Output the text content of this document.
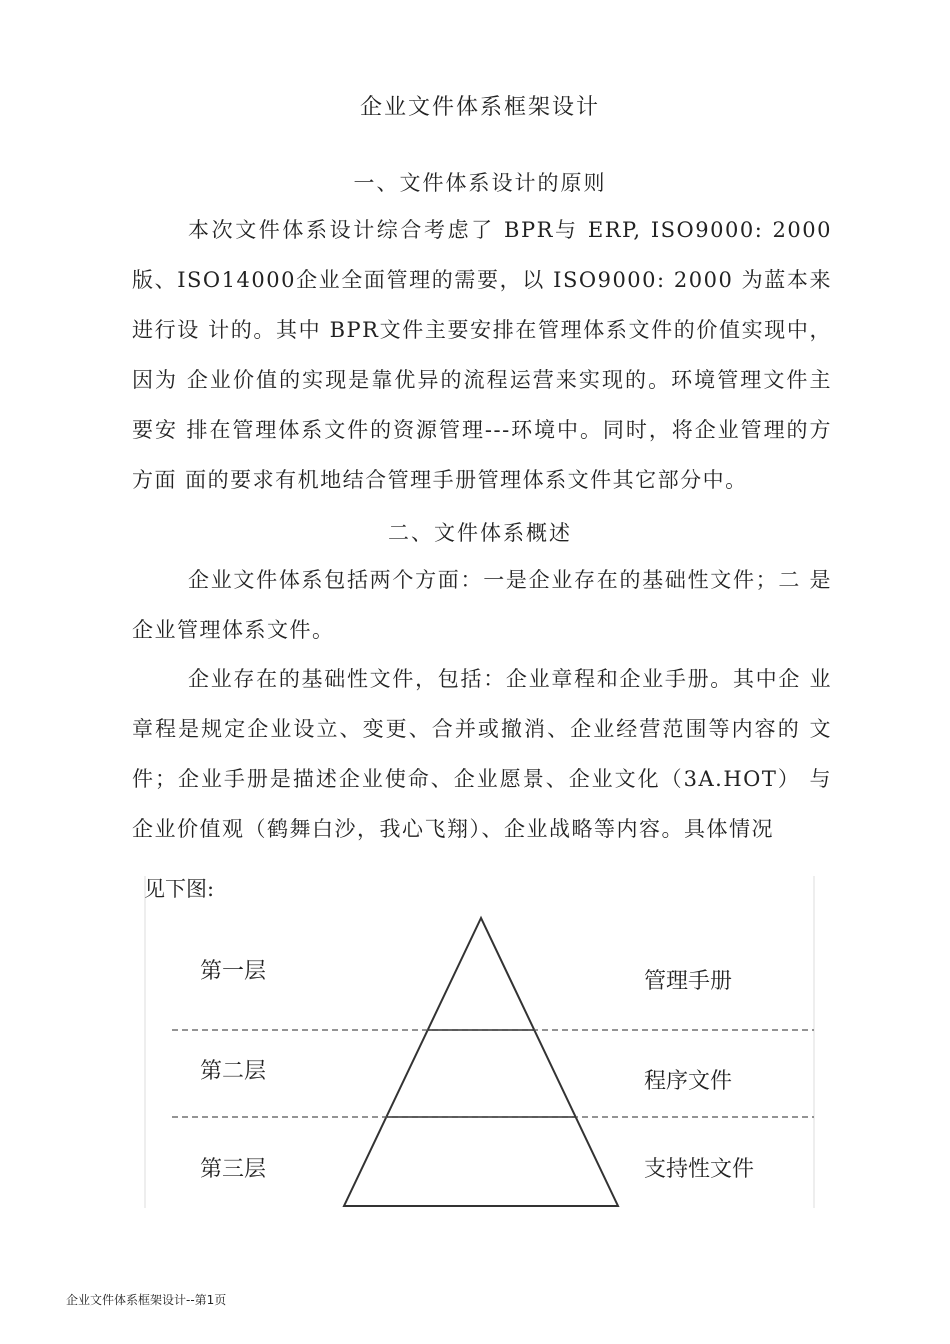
企业文件体系框架设计
一、文件体系设计的原则

本次文件体系设计综合考虑了 BPR与 ERP, ISO9000: 2000 版、ISO14000企业全面管理的需要，以 ISO9000: 2000 为蓝本来进行设 计的。其中 BPR文件主要安排在管理体系文件的价值实现中，因为 企业价值的实现是靠优异的流程运营来实现的。环境管理文件主要安 排在管理体系文件的资源管理---环境中。同时，将企业管理的方方面 面的要求有机地结合管理手册管理体系文件其它部分中。

二、文件体系概述

企业文件体系包括两个方面：一是企业存在的基础性文件；二 是企业管理体系文件。

企业存在的基础性文件，包括：企业章程和企业手册。其中企 业章程是规定企业设立、变更、合并或撤消、企业经营范围等内容的 文件；企业手册是描述企业使命、企业愿景、企业文化（3A.HOT） 与企业价值观（鹤舞白沙，我心飞翔）、企业战略等内容。具体情况

见下图:
第一层
第二层
第三层
管理手册
程序文件
支持性文件
企业文件体系框架设计--第1页
